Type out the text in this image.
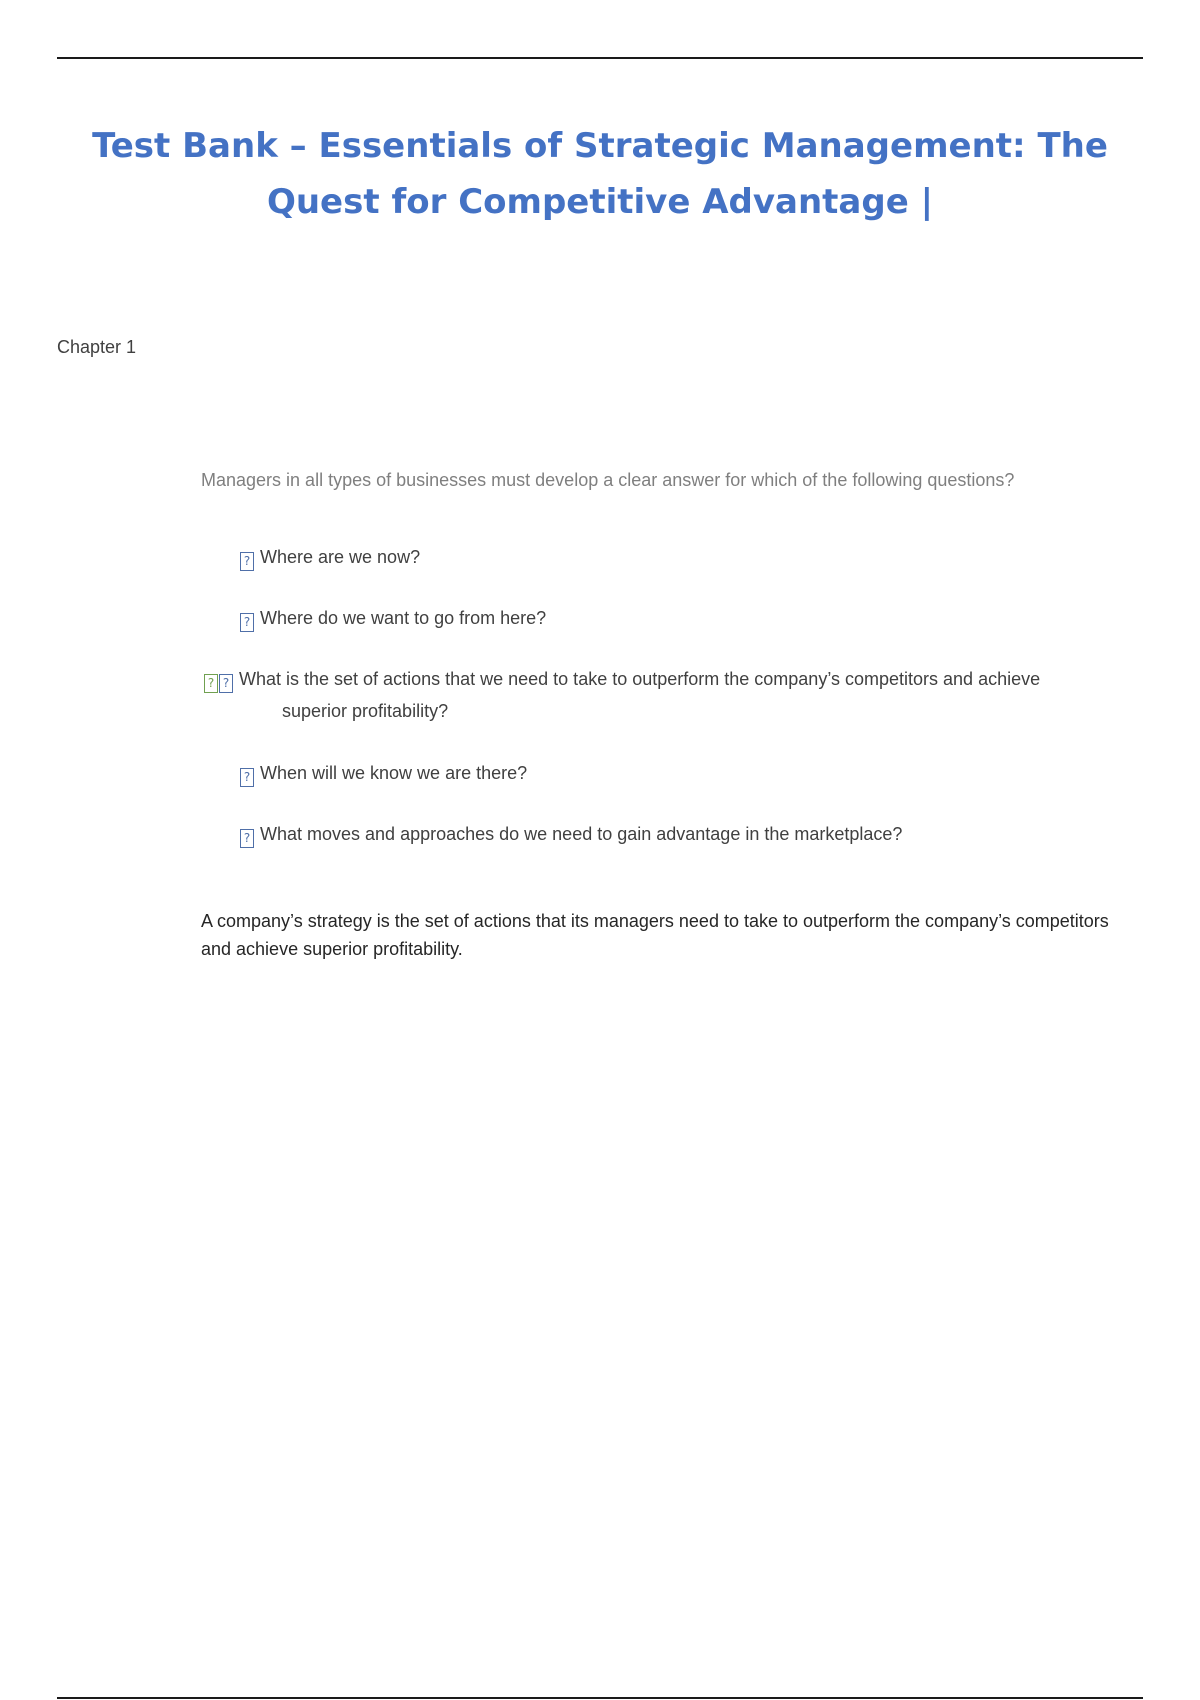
Test Bank – Essentials of Strategic Management: The Quest for Competitive Advantage |

Chapter 1

Managers in all types of businesses must develop a clear answer for which of the following questions?

? Where are we now?

? Where do we want to go from here?

? ? What is the set of actions that we need to take to outperform the company’s competitors and achieve

superior profitability?

? When will we know we are there?

? What moves and approaches do we need to gain advantage in the marketplace?

A company’s strategy is the set of actions that its managers need to take to outperform the company’s competitors and achieve superior profitability.
